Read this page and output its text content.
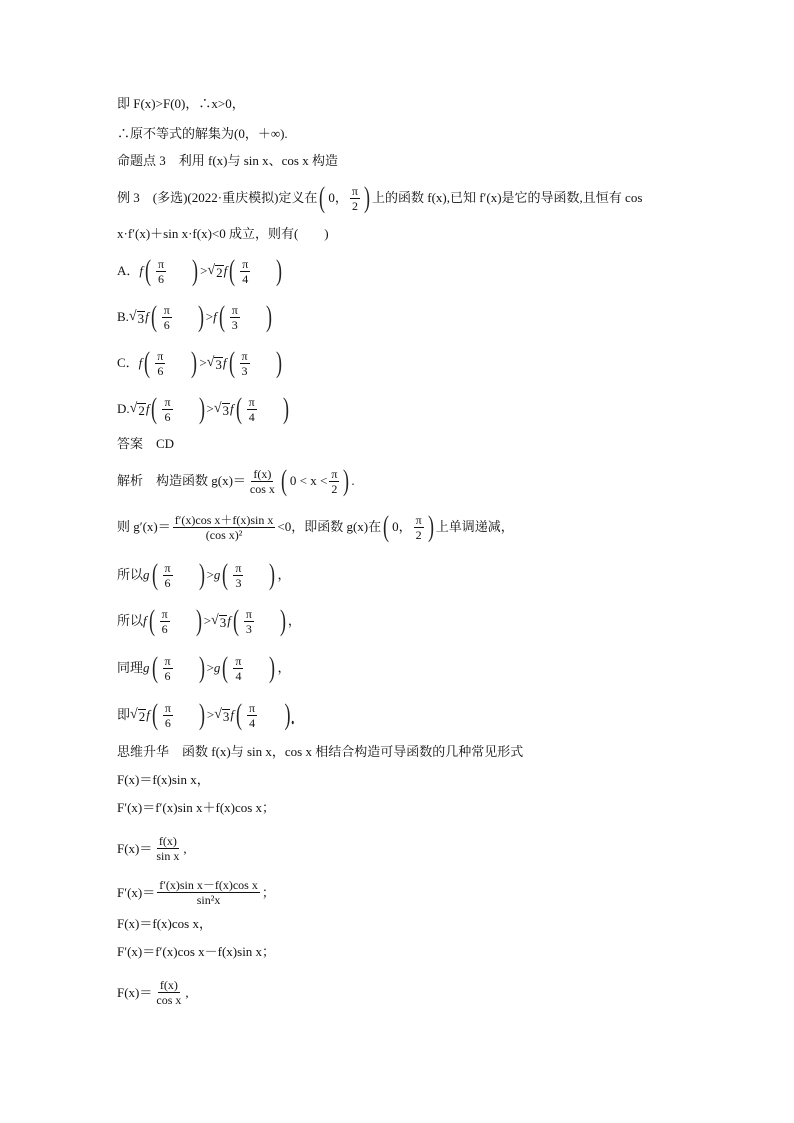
即 F(x)>F(0)，∴x>0，
∴原不等式的解集为(0，＋∞).
命题点 3　利用 f(x)与 sin x、cos x 构造
例 3　(多选)(2022·重庆模拟)定义在 ( 0， $\frac{\pi}{2}$ ) 上的函数 f(x),已知 f′(x)是它的导函数,且恒有 cos
x·f′(x)＋sin x·f(x)<0 成立，则有(　　)
A． f ( $\frac{\pi}{6}$ ) > √ 2 f ( $\frac{\pi}{4}$ )
B. √ 3 f ( $\frac{\pi}{6}$ ) > f ( $\frac{\pi}{3}$ )
C． f ( $\frac{\pi}{6}$ ) > √ 3 f ( $\frac{\pi}{3}$ )
D. √ 2 f ( $\frac{\pi}{6}$ ) > √ 3 f ( $\frac{\pi}{4}$ )
答案　CD
解析　构造函数 $g(x)= \frac{f(x)}{\text{cos x}}$ ( $0 < x < \frac{\pi}{2}$ ) .
则 $g'(x)= \frac{\text{f′(x)cos x＋f(x)sin x}}{\text{(cos x)²}} <0$，即函数 g(x)在 ( 0， $\frac{\pi}{2}$ ) 上单调递减，
所以 g ( $\frac{\pi}{6}$ ) > g ( $\frac{\pi}{3}$ ) ，
所以 f ( $\frac{\pi}{6}$ ) > √ 3 f ( $\frac{\pi}{3}$ ) ，
同理 g ( $\frac{\pi}{6}$ ) > g ( $\frac{\pi}{4}$ ) ，
即 √ 2 f ( $\frac{\pi}{6}$ ) > √ 3 f ( $\frac{\pi}{4}$ ).
思维升华　函数 f(x)与 sin x，cos x 相结合构造可导函数的几种常见形式
F(x)＝f(x)sin x，
F′(x)＝f′(x)sin x＋f(x)cos x；
$F(x)= \frac{f(x)}{\text{sin x}}$ ,
$F'(x)= \frac{\text{f′(x)sin x－f(x)cos x}}{\text{sin²x}}$ ；
F(x)＝f(x)cos x，
F′(x)＝f′(x)cos x－f(x)sin x；
$F(x)= \frac{f(x)}{\text{cos x}}$ ,
